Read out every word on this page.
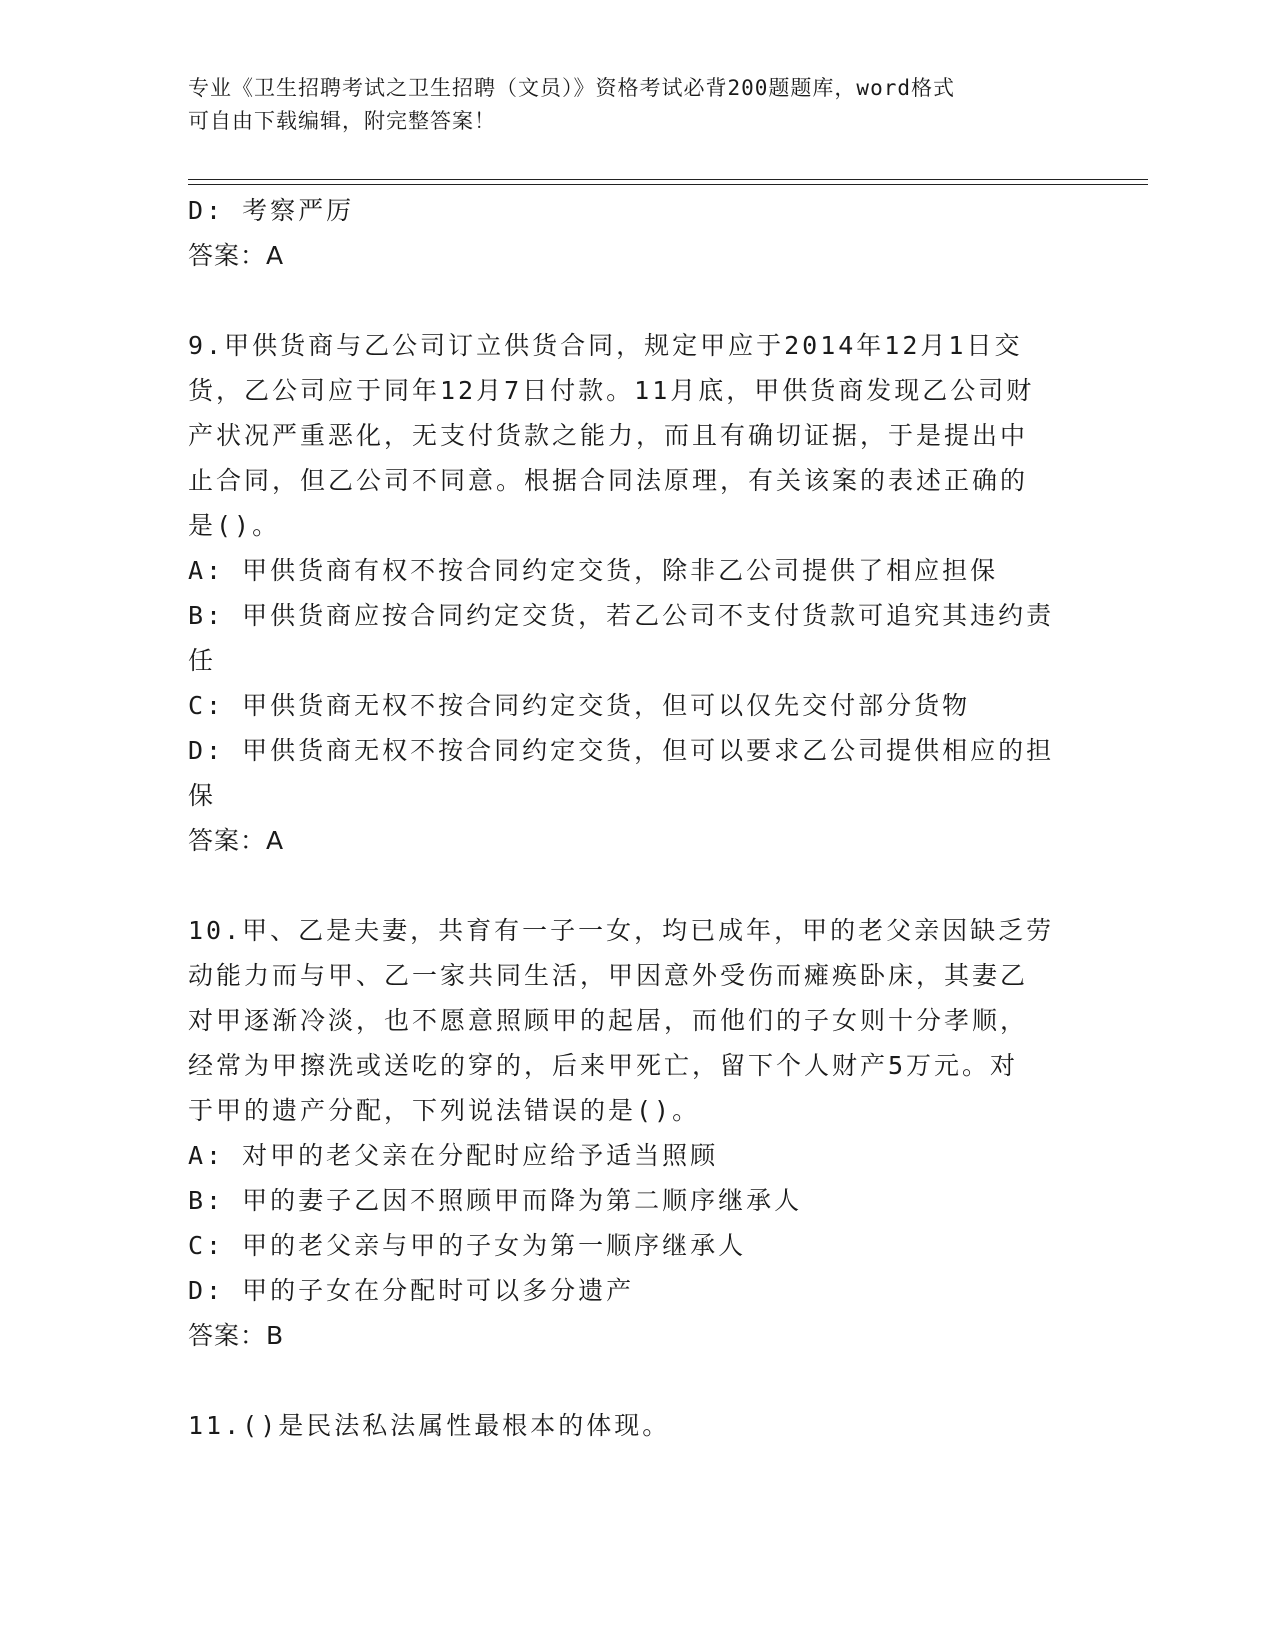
专业《卫生招聘考试之卫生招聘（文员）》资格考试必背200题题库，word格式
可自由下载编辑，附完整答案！

D: 考察严厉

答案：A

9.甲供货商与乙公司订立供货合同，规定甲应于2014年12月1日交

货，乙公司应于同年12月7日付款。11月底，甲供货商发现乙公司财

产状况严重恶化，无支付货款之能力，而且有确切证据，于是提出中

止合同，但乙公司不同意。根据合同法原理，有关该案的表述正确的

是()。

A: 甲供货商有权不按合同约定交货，除非乙公司提供了相应担保

B: 甲供货商应按合同约定交货，若乙公司不支付货款可追究其违约责

任

C: 甲供货商无权不按合同约定交货，但可以仅先交付部分货物

D: 甲供货商无权不按合同约定交货，但可以要求乙公司提供相应的担

保

答案：A

10.甲、乙是夫妻，共育有一子一女，均已成年，甲的老父亲因缺乏劳

动能力而与甲、乙一家共同生活，甲因意外受伤而瘫痪卧床，其妻乙

对甲逐渐冷淡，也不愿意照顾甲的起居，而他们的子女则十分孝顺，

经常为甲擦洗或送吃的穿的，后来甲死亡，留下个人财产5万元。对

于甲的遗产分配，下列说法错误的是()。

A: 对甲的老父亲在分配时应给予适当照顾

B: 甲的妻子乙因不照顾甲而降为第二顺序继承人

C: 甲的老父亲与甲的子女为第一顺序继承人

D: 甲的子女在分配时可以多分遗产

答案：B

11.()是民法私法属性最根本的体现。
